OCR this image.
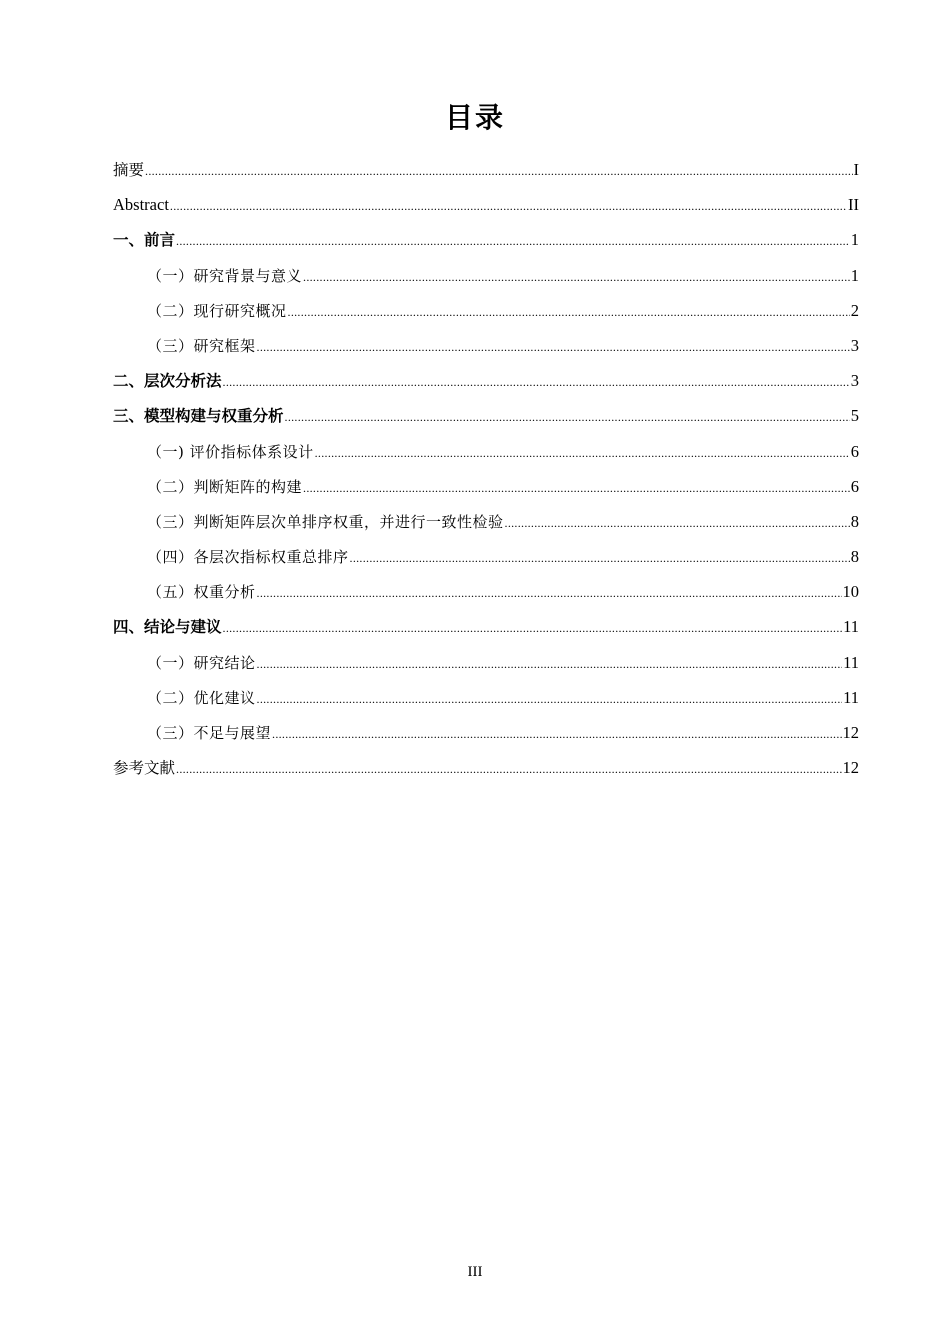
目录
摘要 .....	I
Abstract .....	II
一、前言 .....	1
（一）研究背景与意义 .....	1
（二）现行研究概况 .....	2
（三）研究框架 .....	3
二、层次分析法 .....	3
三、模型构建与权重分析 .....	5
（一) 评价指标体系设计 .....	6
（二）判断矩阵的构建 .....	6
（三）判断矩阵层次单排序权重，并进行一致性检验 .....	8
（四）各层次指标权重总排序 .....	8
（五）权重分析 .....	10
四、结论与建议 .....	11
（一）研究结论 .....	11
（二）优化建议 .....	11
（三）不足与展望 .....	12
参考文献 .....	12
III
